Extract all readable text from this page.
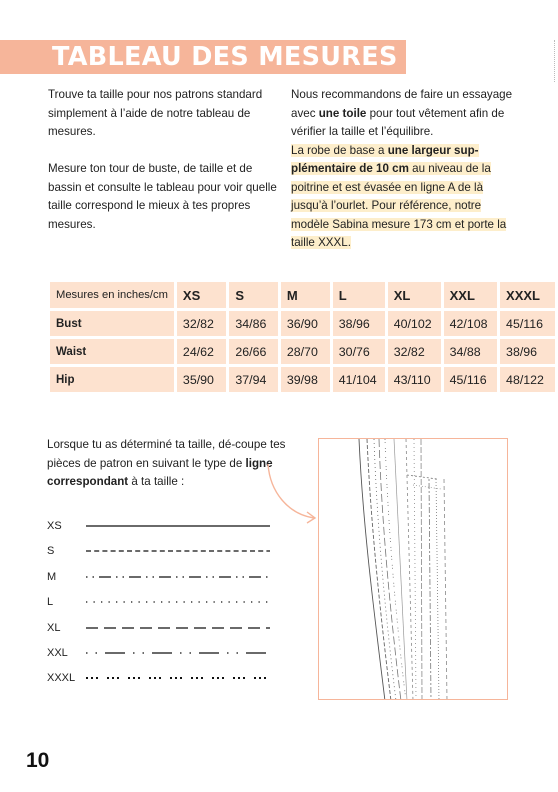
TABLEAU DES MESURES

Trouve ta taille pour nos patrons standard simplement à l’aide de notre tableau de mesures.

Mesure ton tour de buste, de taille et de bassin et consulte le tableau pour voir quelle taille correspond le mieux à tes propres mesures.

Nous recommandons de faire un essayage avec une toile pour tout vêtement afin de vérifier la taille et l’équilibre.

La robe de base a une largeur sup-plémentaire de 10 cm au niveau de la poitrine et est évasée en ligne A de là jusqu’à l’ourlet. Pour référence, notre modèle Sabina mesure 173 cm et porte la taille XXXL.

Mesures en inches/cm	XS	S	M	L	XL	XXL	XXXL
Bust	32/82	34/86	36/90	38/96	40/102	42/108	45/116
Waist	24/62	26/66	28/70	30/76	32/82	34/88	38/96
Hip	35/90	37/94	39/98	41/104	43/110	45/116	48/122

Lorsque tu as déterminé ta taille, dé-coupe tes pièces de patron en suivant le type de ligne correspondant à ta taille :

XS
S
M
L
XL
XXL
XXXL
10
